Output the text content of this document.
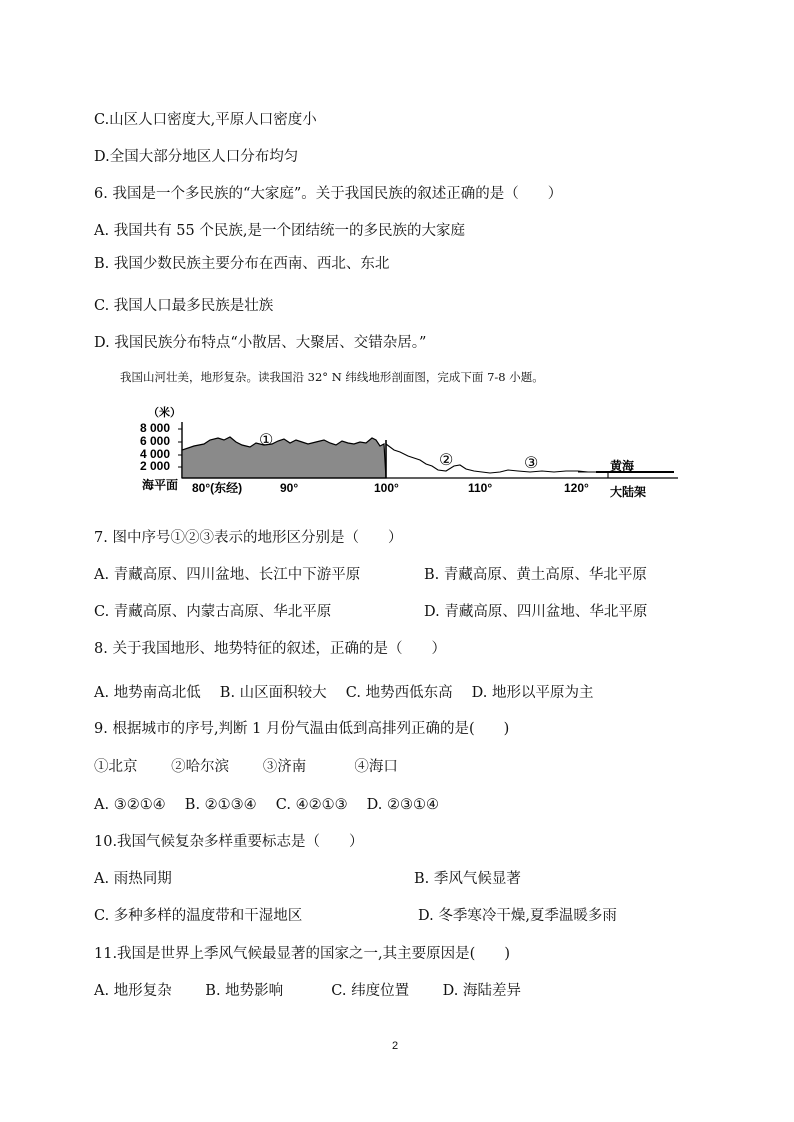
C.山区人口密度大,平原人口密度小
D.全国大部分地区人口分布均匀
6. 我国是一个多民族的“大家庭”。关于我国民族的叙述正确的是（　　）
A. 我国共有 55 个民族,是一个团结统一的多民族的大家庭
B. 我国少数民族主要分布在西南、西北、东北
C. 我国人口最多民族是壮族
D. 我国民族分布特点“小散居、大聚居、交错杂居。”
我国山河壮美，地形复杂。读我国沿 32° N 纬线地形剖面图，完成下面 7-8 小题。
（米）
8 000
6 000
4 000
2 000
①
②	③	黄海
海平面 80°(东经)	90°	100°	110°	120° 大陆架
7. 图中序号①②③表示的地形区分别是（　　）
A. 青藏高原、四川盆地、长江中下游平原	B. 青藏高原、黄土高原、华北平原
C. 青藏高原、内蒙古高原、华北平原	D. 青藏高原、四川盆地、华北平原
8. 关于我国地形、地势特征的叙述，正确的是（　　）
A. 地势南高北低　 B. 山区面积较大　 C. 地势西低东高　 D. 地形以平原为主
9. 根据城市的序号,判断 1 月份气温由低到高排列正确的是(　　)
①北京　　 ②哈尔滨　　 ③济南　　　 ④海口
A. ③②①④　 B. ②①③④　 C. ④②①③　 D. ②③①④
10.我国气候复杂多样重要标志是（　　）
A. 雨热同期	B. 季风气候显著
C. 多种多样的温度带和干湿地区	D. 冬季寒冷干燥,夏季温暖多雨
11.我国是世界上季风气候最显著的国家之一,其主要原因是(　　)
A. 地形复杂　　 B. 地势影响　　　 C. 纬度位置　　 D. 海陆差异
2
